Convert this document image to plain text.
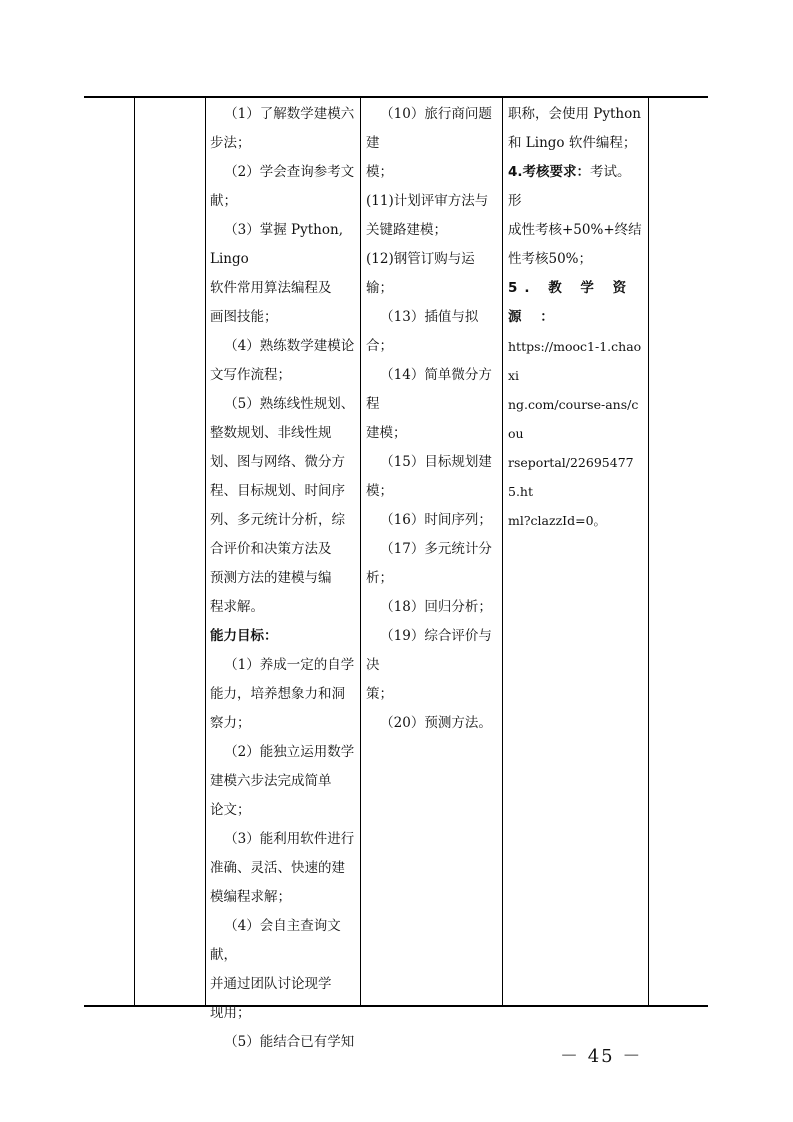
（1）了解数学建模六

步法；

（2）学会查询参考文

献；

（3）掌握 Python, Lingo

软件常用算法编程及

画图技能；

（4）熟练数学建模论

文写作流程；

（5）熟练线性规划、

整数规划、非线性规

划、图与网络、微分方

程、目标规划、时间序

列、多元统计分析，综

合评价和决策方法及

预测方法的建模与编

程求解。

能力目标：

（1）养成一定的自学

能力，培养想象力和洞

察力；

（2）能独立运用数学

建模六步法完成简单

论文；

（3）能利用软件进行

准确、灵活、快速的建

模编程求解；

（4）会自主查询文献，

并通过团队讨论现学

现用；

（5）能结合已有学知

（10）旅行商问题建

模；

(11)计划评审方法与

关键路建模；

(12)钢管订购与运

输；

（13）插值与拟合；

（14）简单微分方程

建模；

（15）目标规划建

模；

（16）时间序列；

（17）多元统计分

析；

（18）回归分析；

（19）综合评价与决

策；

（20）预测方法。

职称，会使用 Python

和 Lingo 软件编程；

4.考核要求：考试。形

成性考核+50%+终结

性考核50%；

5. 教 学 资 源 ：

https://mooc1-1.chaoxi

ng.com/course-ans/cou

rseportal/226954775.ht

ml?clazzId=0。

－ 45 －
